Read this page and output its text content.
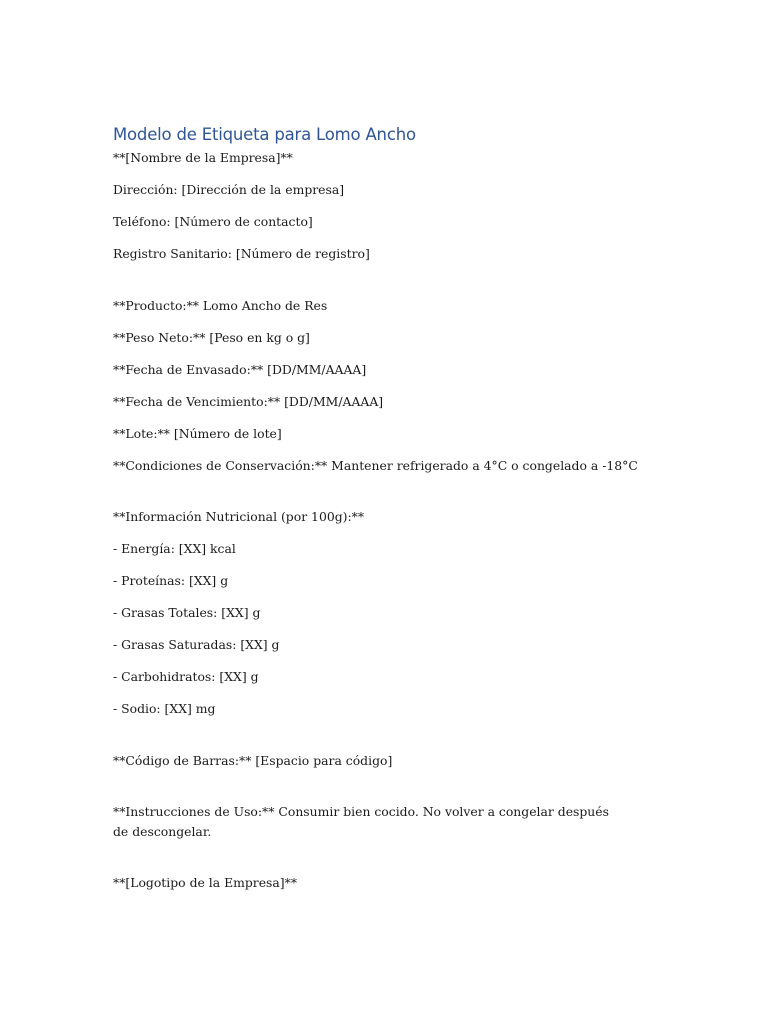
Modelo de Etiqueta para Lomo Ancho

**[Nombre de la Empresa]**

Dirección: [Dirección de la empresa]

Teléfono: [Número de contacto]

Registro Sanitario: [Número de registro]

**Producto:** Lomo Ancho de Res

**Peso Neto:** [Peso en kg o g]

**Fecha de Envasado:** [DD/MM/AAAA]

**Fecha de Vencimiento:** [DD/MM/AAAA]

**Lote:** [Número de lote]

**Condiciones de Conservación:** Mantener refrigerado a 4°C o congelado a -18°C

**Información Nutricional (por 100g):**

- Energía: [XX] kcal

- Proteínas: [XX] g

- Grasas Totales: [XX] g

- Grasas Saturadas: [XX] g

- Carbohidratos: [XX] g

- Sodio: [XX] mg

**Código de Barras:** [Espacio para código]

**Instrucciones de Uso:** Consumir bien cocido. No volver a congelar después de descongelar.

**[Logotipo de la Empresa]**
